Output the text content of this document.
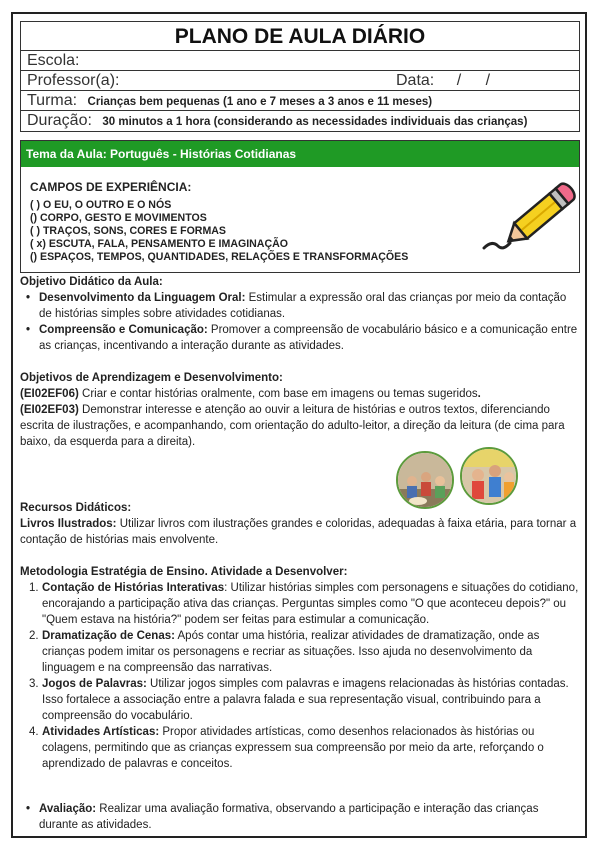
PLANO DE AULA DIÁRIO
Escola:
Professor(a):	Data: / /
Turma: Crianças bem pequenas (1 ano e 7 meses a 3 anos e 11 meses)
Duração: 30 minutos a 1 hora (considerando as necessidades individuais das crianças)
Tema da Aula: Português - Histórias Cotidianas
CAMPOS DE EXPERIÊNCIA:
( ) O EU, O OUTRO E O NÓS
() CORPO, GESTO E MOVIMENTOS
( ) TRAÇOS, SONS, CORES E FORMAS
( x) ESCUTA, FALA, PENSAMENTO E IMAGINAÇÃO
() ESPAÇOS, TEMPOS, QUANTIDADES, RELAÇÕES E TRANSFORMAÇÕES
Objetivo Didático da Aula:
• Desenvolvimento da Linguagem Oral: Estimular a expressão oral das crianças por meio da contação de histórias simples sobre atividades cotidianas.
• Compreensão e Comunicação: Promover a compreensão de vocabulário básico e a comunicação entre as crianças, incentivando a interação durante as atividades.
Objetivos de Aprendizagem e Desenvolvimento:
(EI02EF06) Criar e contar histórias oralmente, com base em imagens ou temas sugeridos.
(EI02EF03) Demonstrar interesse e atenção ao ouvir a leitura de histórias e outros textos, diferenciando escrita de ilustrações, e acompanhando, com orientação do adulto-leitor, a direção da leitura (de cima para baixo, da esquerda para a direita).
Recursos Didáticos:
Livros Ilustrados: Utilizar livros com ilustrações grandes e coloridas, adequadas à faixa etária, para tornar a contação de histórias mais envolvente.
Metodologia Estratégia de Ensino. Atividade a Desenvolver:
1. Contação de Histórias Interativas: Utilizar histórias simples com personagens e situações do cotidiano, encorajando a participação ativa das crianças. Perguntas simples como "O que aconteceu depois?" ou "Quem estava na história?" podem ser feitas para estimular a comunicação.
2. Dramatização de Cenas: Após contar uma história, realizar atividades de dramatização, onde as crianças podem imitar os personagens e recriar as situações. Isso ajuda no desenvolvimento da linguagem e na compreensão das narrativas.
3. Jogos de Palavras: Utilizar jogos simples com palavras e imagens relacionadas às histórias contadas. Isso fortalece a associação entre a palavra falada e sua representação visual, contribuindo para a compreensão do vocabulário.
4. Atividades Artísticas: Propor atividades artísticas, como desenhos relacionados às histórias ou colagens, permitindo que as crianças expressem sua compreensão por meio da arte, reforçando o aprendizado de palavras e conceitos.
• Avaliação: Realizar uma avaliação formativa, observando a participação e interação das crianças durante as atividades.
